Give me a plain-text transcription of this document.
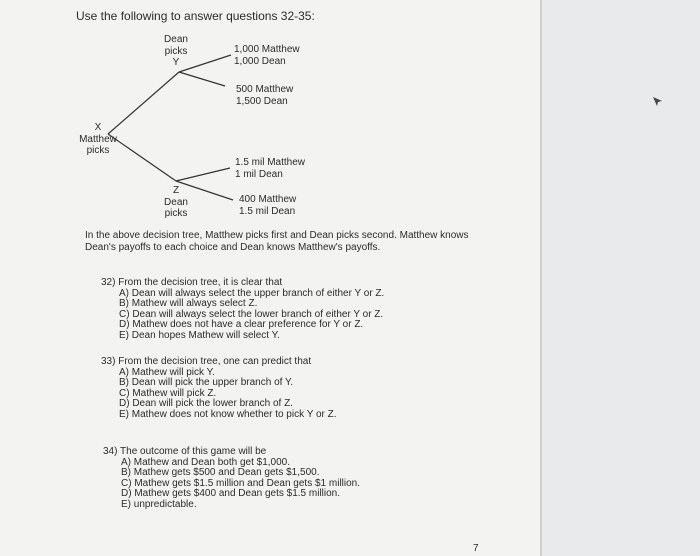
Use the following to answer questions 32-35:
Dean
picks
Y
X
Matthew
picks
Z
Dean
picks
1,000 Matthew
1,000 Dean
500 Matthew
1,500 Dean
1.5 mil Matthew
1 mil Dean
400 Matthew
1.5 mil Dean
In the above decision tree, Matthew picks first and Dean picks second. Matthew knows
Dean's payoffs to each choice and Dean knows Matthew's payoffs.
32) From the decision tree, it is clear that
A) Dean will always select the upper branch of either Y or Z.
B) Mathew will always select Z.
C) Dean will always select the lower branch of either Y or Z.
D) Mathew does not have a clear preference for Y or Z.
E) Dean hopes Mathew will select Y.
33) From the decision tree, one can predict that
A) Mathew will pick Y.
B) Dean will pick the upper branch of Y.
C) Mathew will pick Z.
D) Dean will pick the lower branch of Z.
E) Mathew does not know whether to pick Y or Z.
34) The outcome of this game will be
A) Mathew and Dean both get $1,000.
B) Mathew gets $500 and Dean gets $1,500.
C) Mathew gets $1.5 million and Dean gets $1 million.
D) Mathew gets $400 and Dean gets $1.5 million.
E) unpredictable.
7
